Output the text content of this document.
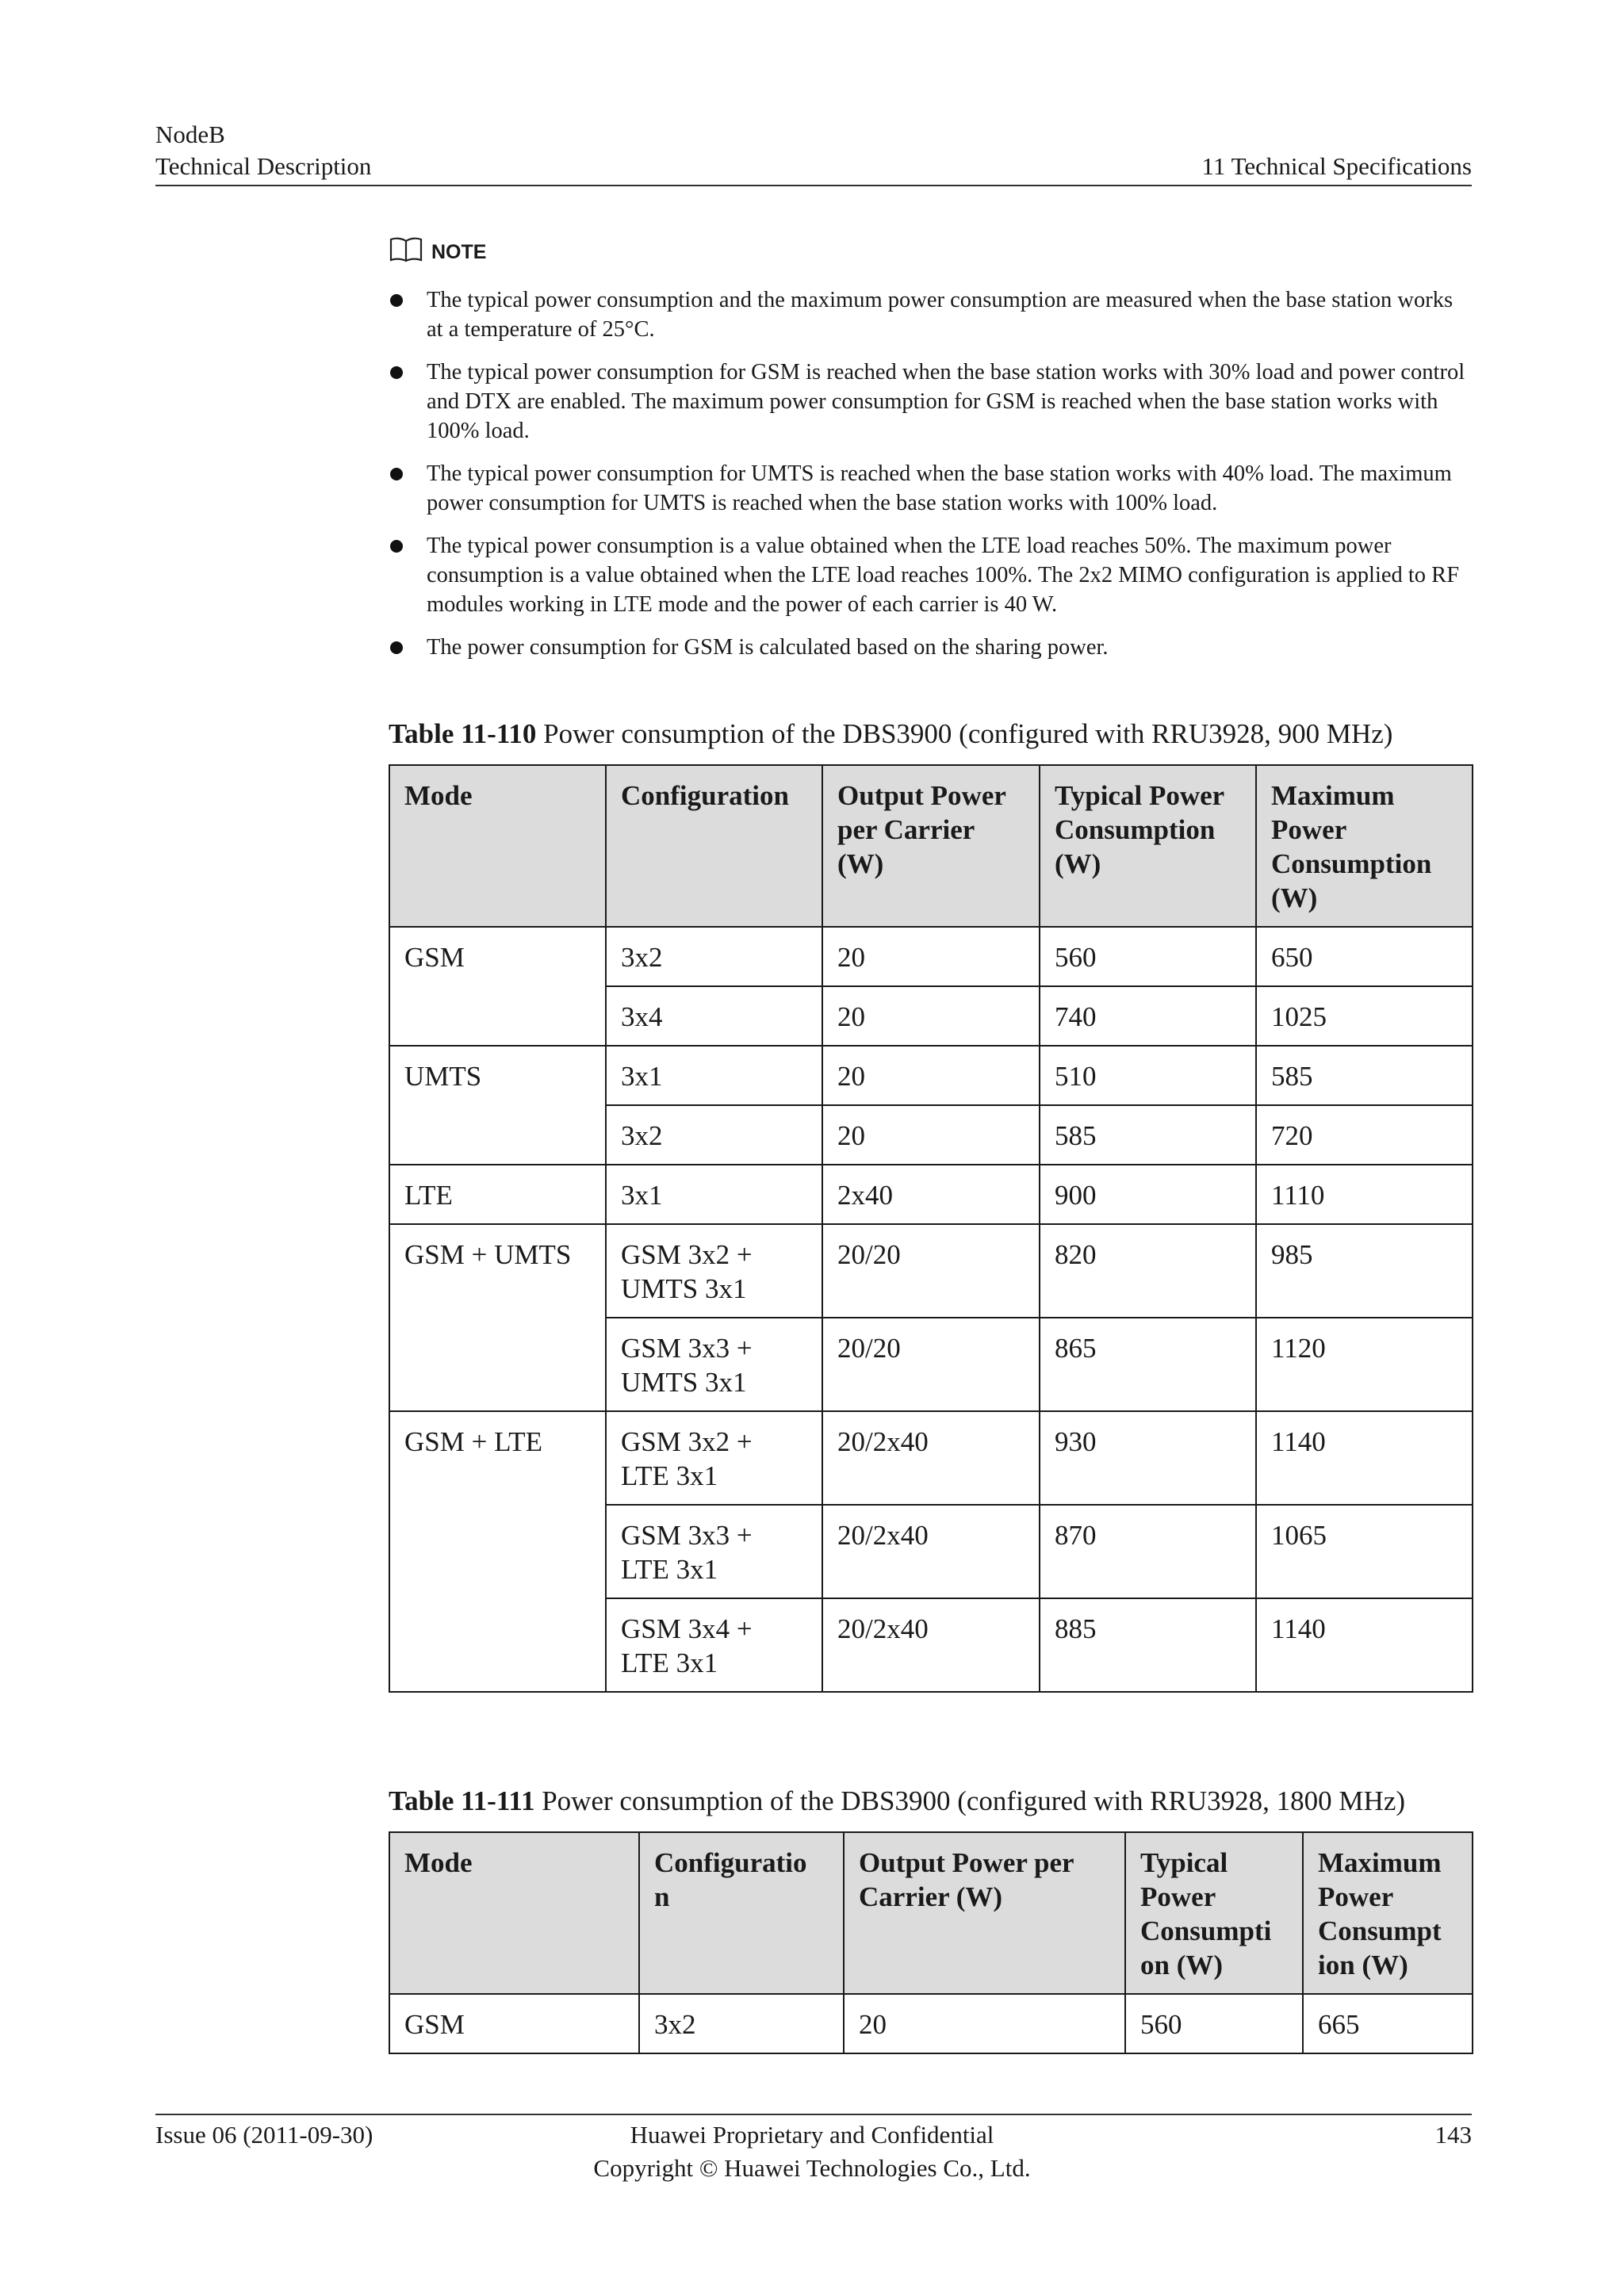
NodeB
Technical Description	11 Technical Specifications
NOTE
The typical power consumption and the maximum power consumption are measured when the base station works at a temperature of 25°C.
The typical power consumption for GSM is reached when the base station works with 30% load and power control and DTX are enabled. The maximum power consumption for GSM is reached when the base station works with 100% load.
The typical power consumption for UMTS is reached when the base station works with 40% load. The maximum power consumption for UMTS is reached when the base station works with 100% load.
The typical power consumption is a value obtained when the LTE load reaches 50%. The maximum power consumption is a value obtained when the LTE load reaches 100%. The 2x2 MIMO configuration is applied to RF modules working in LTE mode and the power of each carrier is 40 W.
The power consumption for GSM is calculated based on the sharing power.
Table 11-110 Power consumption of the DBS3900 (configured with RRU3928, 900 MHz)
Mode	Configuration	Output Power per Carrier (W)	Typical Power Consumption (W)	Maximum Power Consumption (W)
GSM	3x2	20	560	650
	3x4	20	740	1025
UMTS	3x1	20	510	585
	3x2	20	585	720
LTE	3x1	2x40	900	1110
GSM + UMTS	GSM 3x2 + UMTS 3x1	20/20	820	985
	GSM 3x3 + UMTS 3x1	20/20	865	1120
GSM + LTE	GSM 3x2 + LTE 3x1	20/2x40	930	1140
	GSM 3x3 + LTE 3x1	20/2x40	870	1065
	GSM 3x4 + LTE 3x1	20/2x40	885	1140
Table 11-111 Power consumption of the DBS3900 (configured with RRU3928, 1800 MHz)
Mode	Configuratio n	Output Power per Carrier (W)	Typical Power Consumpti on (W)	Maximum Power Consumpt ion (W)
GSM	3x2	20	560	665
Issue 06 (2011-09-30)	Huawei Proprietary and Confidential
Copyright © Huawei Technologies Co., Ltd.
143
